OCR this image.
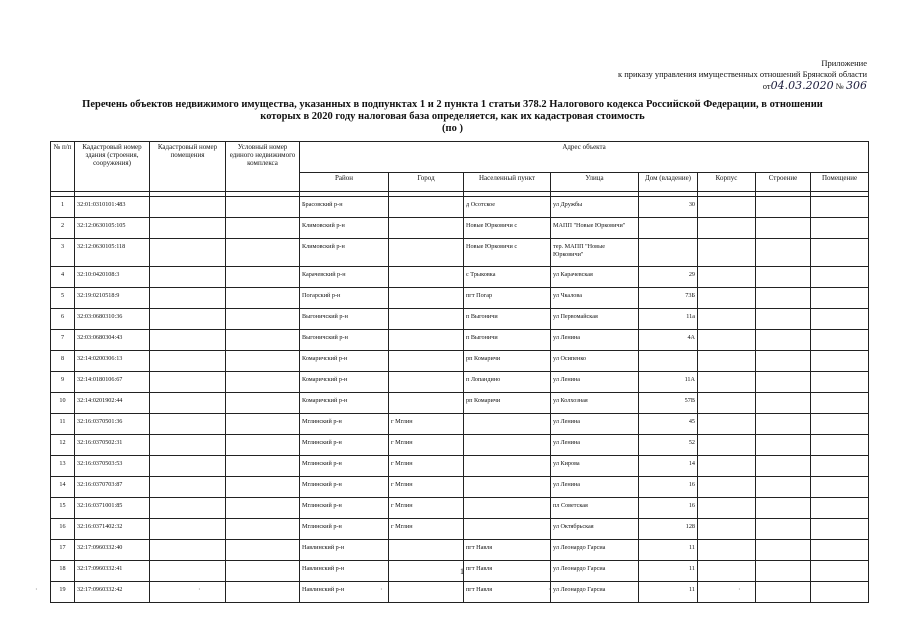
Приложение
к приказу управления имущественных отношений Брянской области
от04.03.2020 № 306
Перечень объектов недвижимого имущества, указанных в подпунктах 1 и 2 пункта 1 статьи 378.2 Налогового кодекса Российской Федерации, в отношении
которых в 2020 году налоговая база определяется, как их кадастровая стоимость
(по )
№ п/п	Кадастровый номер здания (строения, сооружения)	Кадастровый номер помещения	Условный номер единого недвижимого комплекса	Адрес объекта							
				Район	Город	Населенный пункт	Улица	Дом (владение)	Корпус	Строение	Помещение

1	32:01:0310101:483			Брасовский р-н		д Осотское	ул Дружбы	30			
2	32:12:0630105:105			Климовский р-н		Новые Юрковичи с	МАПП "Новые Юрковичи"				
3	32:12:0630105:118			Климовский р-н		Новые Юрковичи с	тер. МАПП "Новые Юрковичи"				
4	32:10:0420108:3			Карачевский р-н		с Трыковка	ул Карачевская	29			
5	32:19:0210518:9			Погарский р-н		пгт Погар	ул Чкалова	73Б			
6	32:03:0680310:36			Выгоничский р-н		п Выгоничи	ул Первомайская	11а			
7	32:03:0680304:43			Выгоничский р-н		п Выгоничи	ул Ленина	4А			
8	32:14:0200306:13			Комаричский р-н		рп Комаричи	ул Осипенко				
9	32:14:0180106:67			Комаричский р-н		п Лопандино	ул Ленина	11А			
10	32:14:0201902:44			Комаричский р-н		рп Комаричи	ул Колхозная	57В			
11	32:16:0370501:36			Мглинский р-н	г Мглин		ул Ленина	45			
12	32:16:0370502:31			Мглинский р-н	г Мглин		ул Ленина	52			
13	32:16:0370503:53			Мглинский р-н	г Мглин		ул Кирова	14			
14	32:16:0370703:87			Мглинский р-н	г Мглин		ул Ленина	16			
15	32:16:0371001:85			Мглинский р-н	г Мглин		пл Советская	16			
16	32:16:0371402:32			Мглинский р-н	г Мглин		ул Октябрьская	128			
17	32:17:0960332:40			Навлинский р-н		пгт Навля	ул Леонардо Гарсиа	11			
18	32:17:0960332:41			Навлинский р-н		пгт Навля	ул Леонардо Гарсиа	11			
19	32:17:0960332:42			Навлинский р-н		пгт Навля	ул Леонардо Гарсиа	11			
1
·	·	·	·	·
